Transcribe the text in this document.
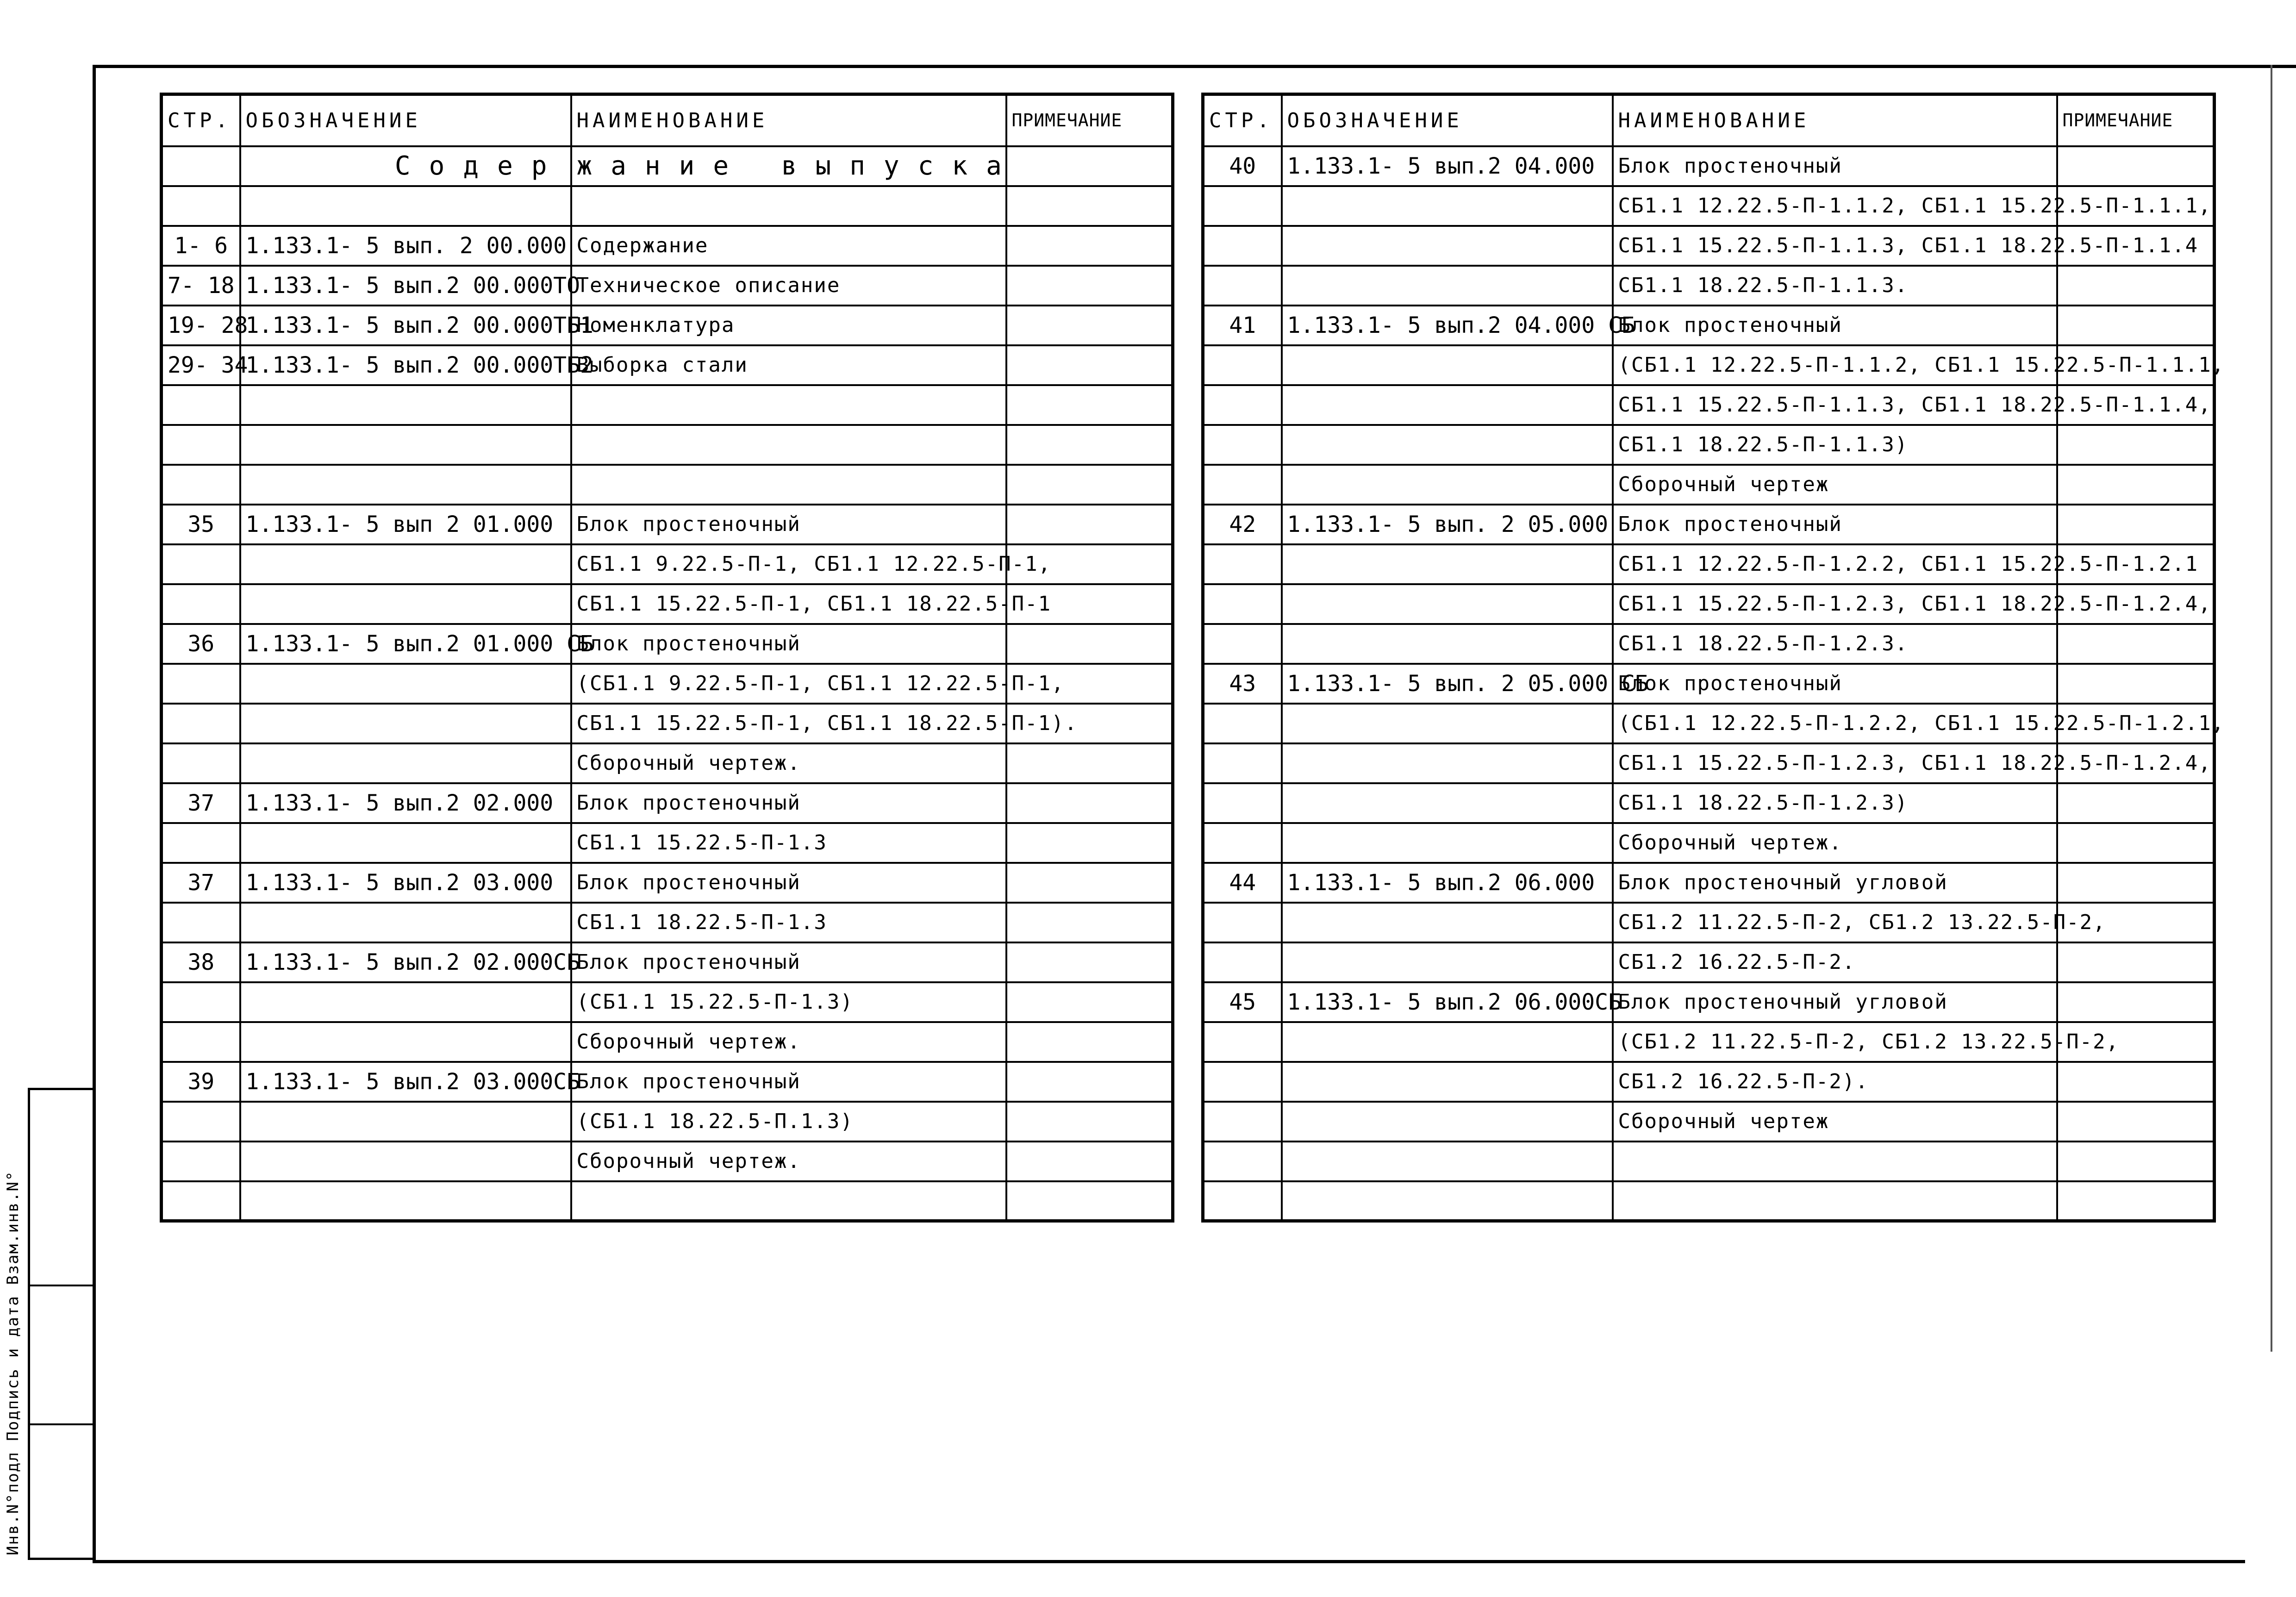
Инв.N°подл Подпись и дата Взам.инв.N°
СТР.	ОБОЗНАЧЕНИЕ	НАИМЕНОВАНИЕ	ПРИМЕЧАНИЕ
	Содер	жание выпуска	

1- 6	1.133.1- 5 вып. 2 00.000	Содержание	
7- 18	1.133.1- 5 вып.2 00.000ТО	Техническое описание	
19- 28	1.133.1- 5 вып.2 00.000ТБ1	Номенклатура	
29- 34	1.133.1- 5 вып.2 00.000ТБ2	Выборка стали	

35	1.133.1- 5 вып 2 01.000	Блок простеночный	
		СБ1.1 9.22.5-П-1, СБ1.1 12.22.5-П-1,	
		СБ1.1 15.22.5-П-1, СБ1.1 18.22.5-П-1	
36	1.133.1- 5 вып.2 01.000 СБ	Блок простеночный	
		(СБ1.1 9.22.5-П-1, СБ1.1 12.22.5-П-1,	
		СБ1.1 15.22.5-П-1, СБ1.1 18.22.5-П-1).	
		Сборочный чертеж.	
37	1.133.1- 5 вып.2 02.000	Блок простеночный	
		СБ1.1 15.22.5-П-1.3	
37	1.133.1- 5 вып.2 03.000	Блок простеночный	
		СБ1.1 18.22.5-П-1.3	
38	1.133.1- 5 вып.2 02.000СБ	Блок простеночный	
		(СБ1.1 15.22.5-П-1.3)	
		Сборочный чертеж.	
39	1.133.1- 5 вып.2 03.000СБ	Блок простеночный	
		(СБ1.1 18.22.5-П.1.3)	
		Сборочный чертеж.	

СТР.	ОБОЗНАЧЕНИЕ	НАИМЕНОВАНИЕ	ПРИМЕЧАНИЕ
40	1.133.1- 5 вып.2 04.000	Блок простеночный	
		СБ1.1 12.22.5-П-1.1.2, СБ1.1 15.22.5-П-1.1.1,	
		СБ1.1 15.22.5-П-1.1.3, СБ1.1 18.22.5-П-1.1.4	
		СБ1.1 18.22.5-П-1.1.3.	
41	1.133.1- 5 вып.2 04.000 СБ	Блок простеночный	
		(СБ1.1 12.22.5-П-1.1.2, СБ1.1 15.22.5-П-1.1.1,	
		СБ1.1 15.22.5-П-1.1.3, СБ1.1 18.22.5-П-1.1.4,	
		СБ1.1 18.22.5-П-1.1.3)	
		Сборочный чертеж	
42	1.133.1- 5 вып. 2 05.000	Блок простеночный	
		СБ1.1 12.22.5-П-1.2.2, СБ1.1 15.22.5-П-1.2.1	
		СБ1.1 15.22.5-П-1.2.3, СБ1.1 18.22.5-П-1.2.4,	
		СБ1.1 18.22.5-П-1.2.3.	
43	1.133.1- 5 вып. 2 05.000 СБ	Блок простеночный	
		(СБ1.1 12.22.5-П-1.2.2, СБ1.1 15.22.5-П-1.2.1,	
		СБ1.1 15.22.5-П-1.2.3, СБ1.1 18.22.5-П-1.2.4,	
		СБ1.1 18.22.5-П-1.2.3)	
		Сборочный чертеж.	
44	1.133.1- 5 вып.2 06.000	Блок простеночный угловой	
		СБ1.2 11.22.5-П-2, СБ1.2 13.22.5-П-2,	
		СБ1.2 16.22.5-П-2.	
45	1.133.1- 5 вып.2 06.000СБ	Блок простеночный угловой	
		(СБ1.2 11.22.5-П-2, СБ1.2 13.22.5-П-2,	
		СБ1.2 16.22.5-П-2).	
		Сборочный чертеж	
